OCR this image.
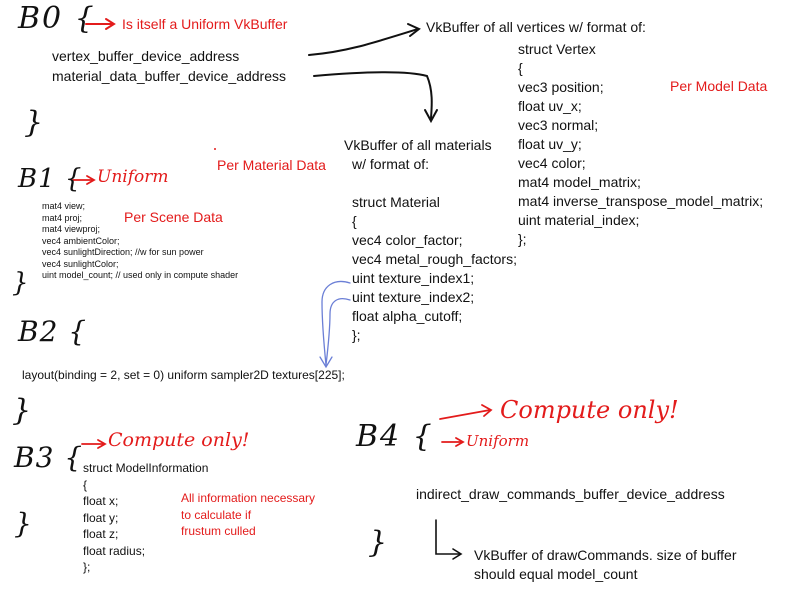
B0 { Is itself a Uniform VkBuffer
vertex_buffer_device_address
material_data_buffer_device_address
}
VkBuffer of all vertices w/ format of:
struct Vertex
{
vec3 position;
float uv_x;
vec3 normal;
float uv_y;
vec4 color;
mat4 model_matrix;
mat4 inverse_transpose_model_matrix;
uint material_index;
};
Per Model Data
VkBuffer of all materials
w/ format of:
struct Material
{
vec4 color_factor;
vec4 metal_rough_factors;
uint texture_index1;
uint texture_index2;
float alpha_cutoff;
};
Per Material Data
B1 { Uniform
Per Scene Data
mat4 view;
mat4 proj;
mat4 viewproj;
vec4 ambientColor;
vec4 sunlightDirection; //w for sun power
vec4 sunlightColor;
uint model_count; // used only in compute shader
}
B2 {
layout(binding = 2, set = 0) uniform sampler2D textures[225];
}
B3 {
Compute only!
struct ModelInformation
{
float x;
float y;
float z;
float radius;
};
All information necessary
to calculate if
frustum culled
}
B4 {
Compute only!
Uniform
indirect_draw_commands_buffer_device_address
VkBuffer of drawCommands. size of buffer
should equal model_count
}
